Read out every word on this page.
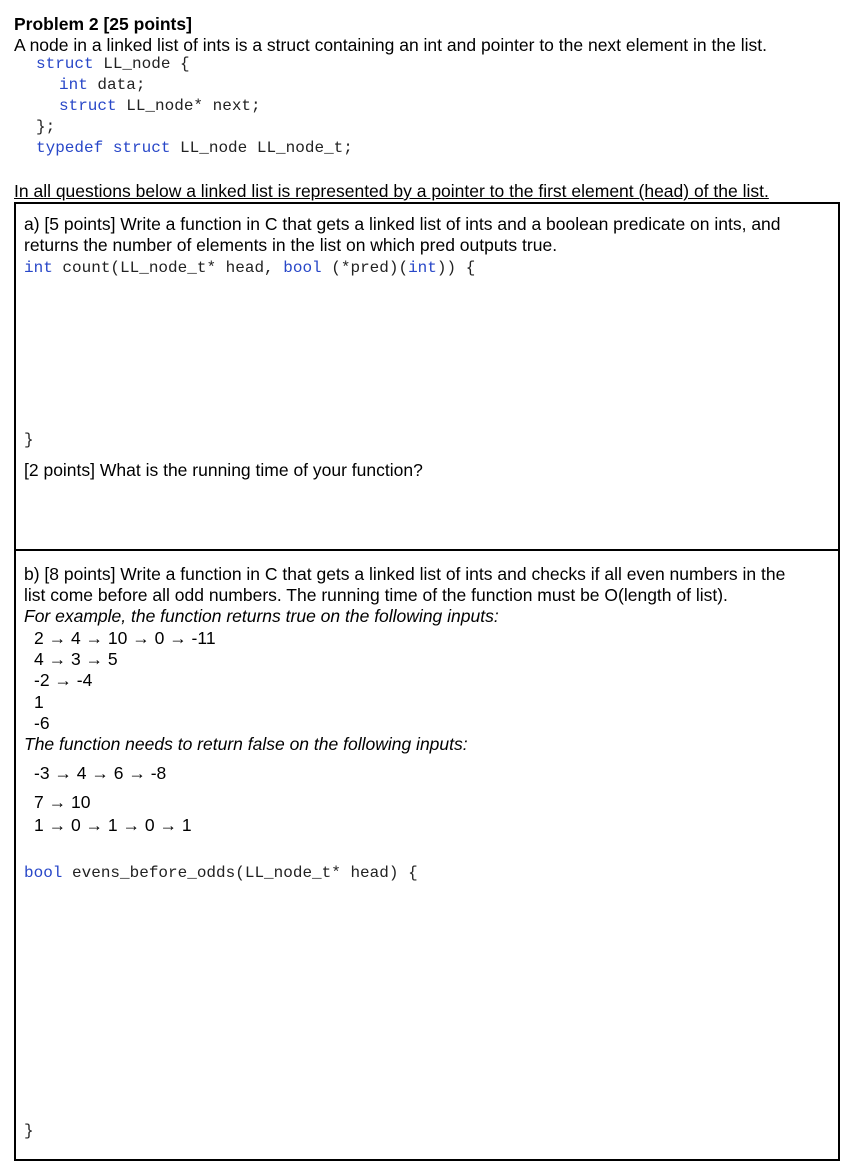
Problem 2 [25 points]
A node in a linked list of ints is a struct containing an int and pointer to the next element in the list.
struct LL_node {
int data;
struct LL_node* next;
};
typedef struct LL_node LL_node_t;
In all questions below a linked list is represented by a pointer to the first element (head) of the list.
a) [5 points] Write a function in C that gets a linked list of ints and a boolean predicate on ints, and
returns the number of elements in the list on which pred outputs true.
int count(LL_node_t* head, bool (*pred)(int)) {
}
[2 points] What is the running time of your function?
b) [8 points] Write a function in C that gets a linked list of ints and checks if all even numbers in the
list come before all odd numbers. The running time of the function must be O(length of list).
For example, the function returns true on the following inputs:
2 → 4 → 10 → 0 → -11
4 → 3 → 5
-2 → -4
1
-6
The function needs to return false on the following inputs:
-3 → 4 → 6 → -8
7 → 10
1 → 0 → 1 → 0 → 1
bool evens_before_odds(LL_node_t* head) {
}
